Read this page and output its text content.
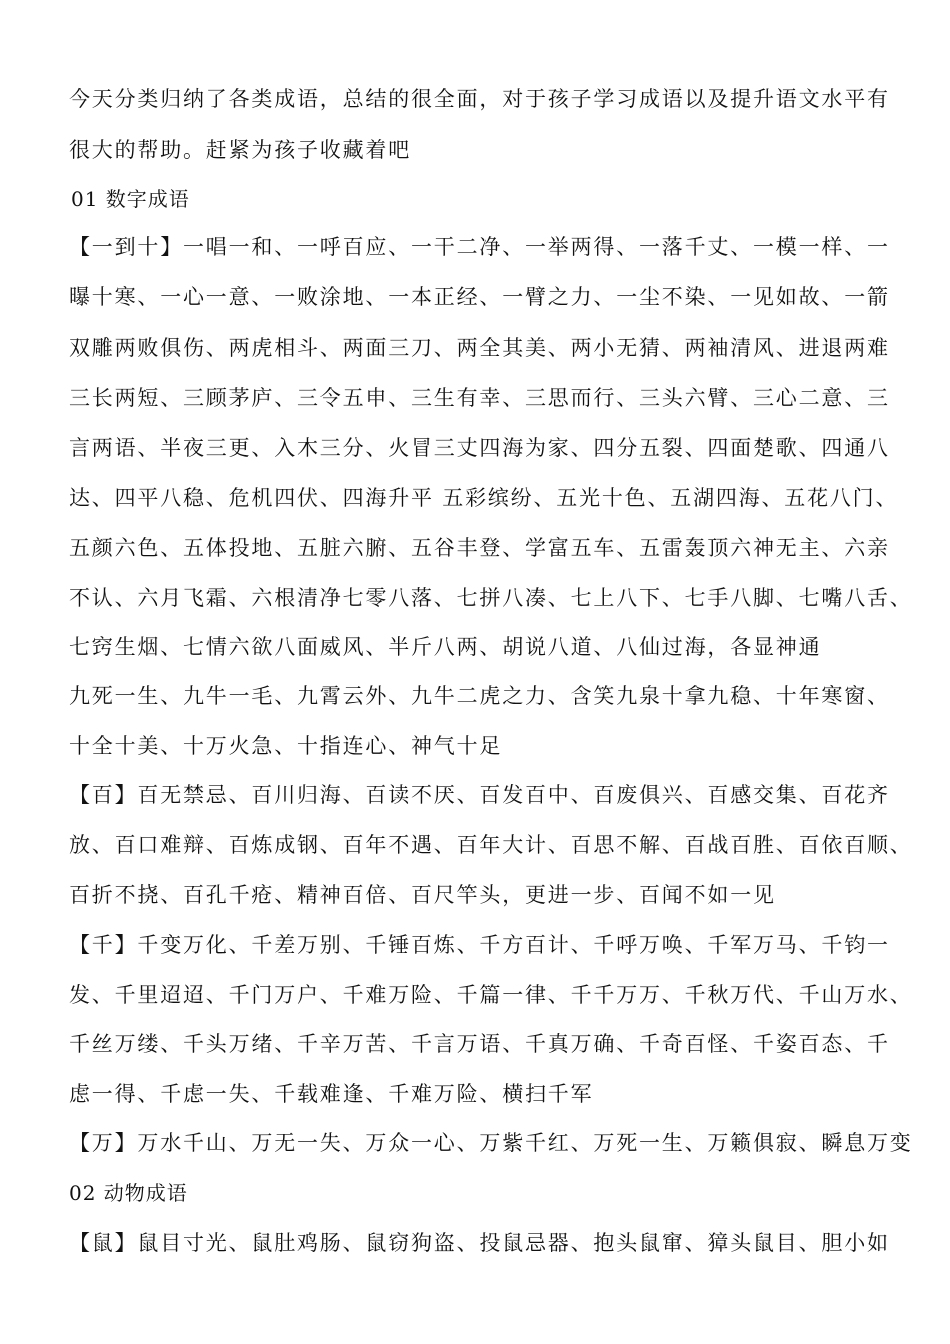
今天分类归纳了各类成语，总结的很全面，对于孩子学习成语以及提升语文水平有
很大的帮助。赶紧为孩子收藏着吧
01 数字成语
【一到十】一唱一和、一呼百应、一干二净、一举两得、一落千丈、一模一样、一
曝十寒、一心一意、一败涂地、一本正经、一臂之力、一尘不染、一见如故、一箭
双雕两败俱伤、两虎相斗、两面三刀、两全其美、两小无猜、两袖清风、进退两难
三长两短、三顾茅庐、三令五申、三生有幸、三思而行、三头六臂、三心二意、三
言两语、半夜三更、入木三分、火冒三丈四海为家、四分五裂、四面楚歌、四通八
达、四平八稳、危机四伏、四海升平 五彩缤纷、五光十色、五湖四海、五花八门、
五颜六色、五体投地、五脏六腑、五谷丰登、学富五车、五雷轰顶六神无主、六亲
不认、六月飞霜、六根清净七零八落、七拼八凑、七上八下、七手八脚、七嘴八舌、
七窍生烟、七情六欲八面威风、半斤八两、胡说八道、八仙过海，各显神通
九死一生、九牛一毛、九霄云外、九牛二虎之力、含笑九泉十拿九稳、十年寒窗、
十全十美、十万火急、十指连心、神气十足
【百】百无禁忌、百川归海、百读不厌、百发百中、百废俱兴、百感交集、百花齐
放、百口难辩、百炼成钢、百年不遇、百年大计、百思不解、百战百胜、百依百顺、
百折不挠、百孔千疮、精神百倍、百尺竿头，更进一步、百闻不如一见
【千】千变万化、千差万别、千锤百炼、千方百计、千呼万唤、千军万马、千钧一
发、千里迢迢、千门万户、千难万险、千篇一律、千千万万、千秋万代、千山万水、
千丝万缕、千头万绪、千辛万苦、千言万语、千真万确、千奇百怪、千姿百态、千
虑一得、千虑一失、千载难逢、千难万险、横扫千军
【万】万水千山、万无一失、万众一心、万紫千红、万死一生、万籁俱寂、瞬息万变
02 动物成语
【鼠】鼠目寸光、鼠肚鸡肠、鼠窃狗盗、投鼠忌器、抱头鼠窜、獐头鼠目、胆小如
